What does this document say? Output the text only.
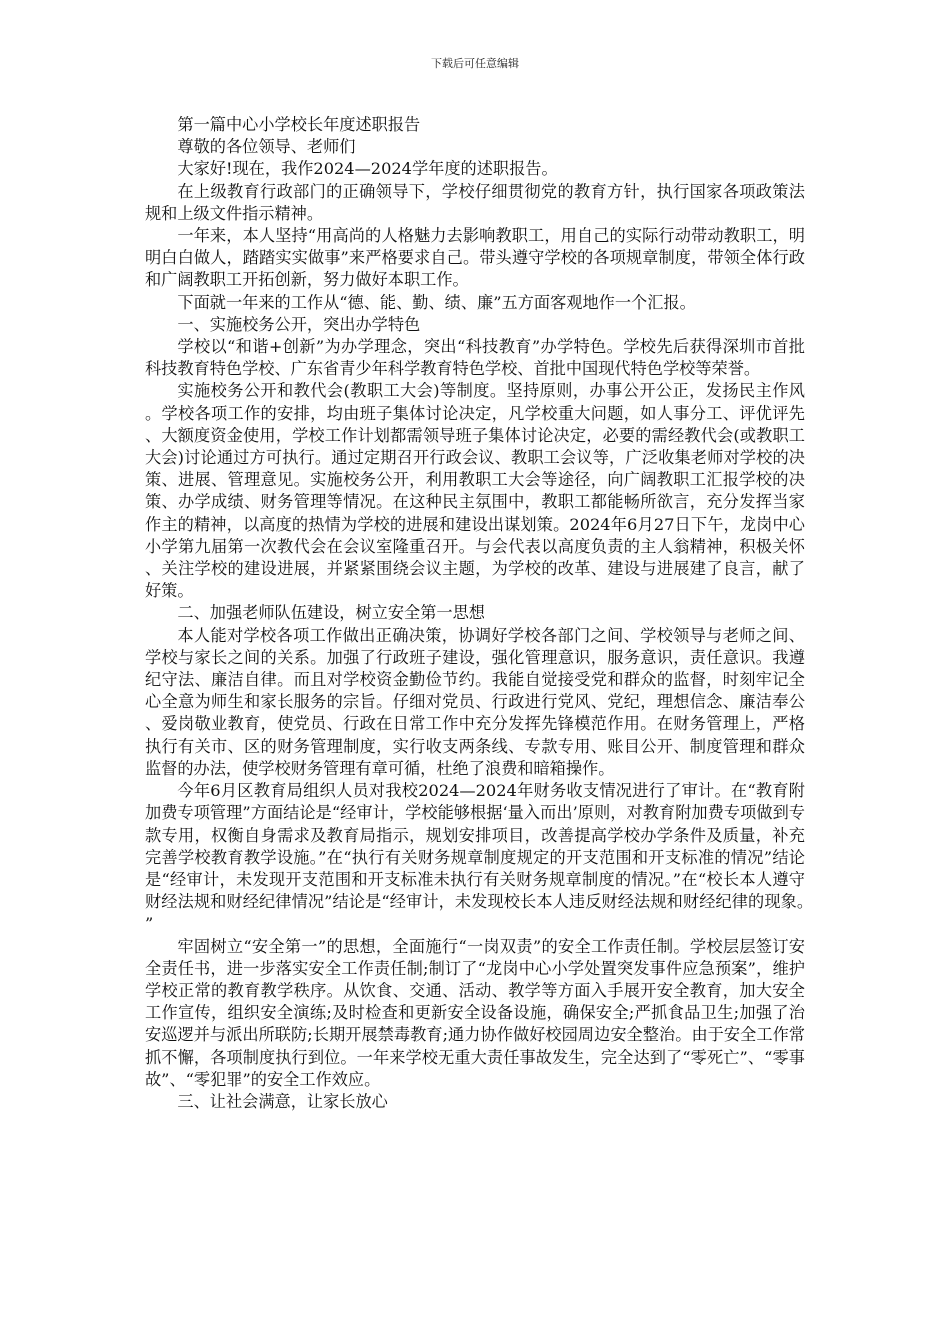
下载后可任意编辑

第一篇中心小学校长年度述职报告

尊敬的各位领导、老师们

大家好!现在，我作2024—2024学年度的述职报告。

在上级教育行政部门的正确领导下，学校仔细贯彻党的教育方针，执行国家各项政策法规和上级文件指示精神。

一年来，本人坚持“用高尚的人格魅力去影响教职工，用自己的实际行动带动教职工，明明白白做人，踏踏实实做事”来严格要求自己。带头遵守学校的各项规章制度，带领全体行政和广阔教职工开拓创新，努力做好本职工作。

下面就一年来的工作从“德、能、勤、绩、廉”五方面客观地作一个汇报。

一、实施校务公开，突出办学特色

学校以“和谐+创新”为办学理念，突出“科技教育”办学特色。学校先后获得深圳市首批科技教育特色学校、广东省青少年科学教育特色学校、首批中国现代特色学校等荣誉。

实施校务公开和教代会(教职工大会)等制度。坚持原则，办事公开公正，发扬民主作风。学校各项工作的安排，均由班子集体讨论决定，凡学校重大问题，如人事分工、评优评先、大额度资金使用，学校工作计划都需领导班子集体讨论决定，必要的需经教代会(或教职工大会)讨论通过方可执行。通过定期召开行政会议、教职工会议等，广泛收集老师对学校的决策、进展、管理意见。实施校务公开，利用教职工大会等途径，向广阔教职工汇报学校的决策、办学成绩、财务管理等情况。在这种民主氛围中，教职工都能畅所欲言，充分发挥当家作主的精神，以高度的热情为学校的进展和建设出谋划策。2024年6月27日下午，龙岗中心小学第九届第一次教代会在会议室隆重召开。与会代表以高度负责的主人翁精神，积极关怀、关注学校的建设进展，并紧紧围绕会议主题，为学校的改革、建设与进展建了良言，献了好策。

二、加强老师队伍建设，树立安全第一思想

本人能对学校各项工作做出正确决策，协调好学校各部门之间、学校领导与老师之间、学校与家长之间的关系。加强了行政班子建设，强化管理意识，服务意识，责任意识。我遵纪守法、廉洁自律。而且对学校资金勤俭节约。我能自觉接受党和群众的监督，时刻牢记全心全意为师生和家长服务的宗旨。仔细对党员、行政进行党风、党纪，理想信念、廉洁奉公、爱岗敬业教育，使党员、行政在日常工作中充分发挥先锋模范作用。在财务管理上，严格执行有关市、区的财务管理制度，实行收支两条线、专款专用、账目公开、制度管理和群众监督的办法，使学校财务管理有章可循，杜绝了浪费和暗箱操作。

今年6月区教育局组织人员对我校2024—2024年财务收支情况进行了审计。在“教育附加费专项管理”方面结论是“经审计，学校能够根据‘量入而出’原则，对教育附加费专项做到专款专用，权衡自身需求及教育局指示，规划安排项目，改善提高学校办学条件及质量，补充完善学校教育教学设施。”在“执行有关财务规章制度规定的开支范围和开支标准的情况”结论是“经审计，未发现开支范围和开支标准未执行有关财务规章制度的情况。”在“校长本人遵守财经法规和财经纪律情况”结论是“经审计，未发现校长本人违反财经法规和财经纪律的现象。”

牢固树立“安全第一”的思想，全面施行“一岗双责”的安全工作责任制。学校层层签订安全责任书，进一步落实安全工作责任制;制订了“龙岗中心小学处置突发事件应急预案”，维护学校正常的教育教学秩序。从饮食、交通、活动、教学等方面入手展开安全教育，加大安全工作宣传，组织安全演练;及时检查和更新安全设备设施，确保安全;严抓食品卫生;加强了治安巡逻并与派出所联防;长期开展禁毒教育;通力协作做好校园周边安全整治。由于安全工作常抓不懈，各项制度执行到位。一年来学校无重大责任事故发生，完全达到了“零死亡”、“零事故”、“零犯罪”的安全工作效应。

三、让社会满意，让家长放心
